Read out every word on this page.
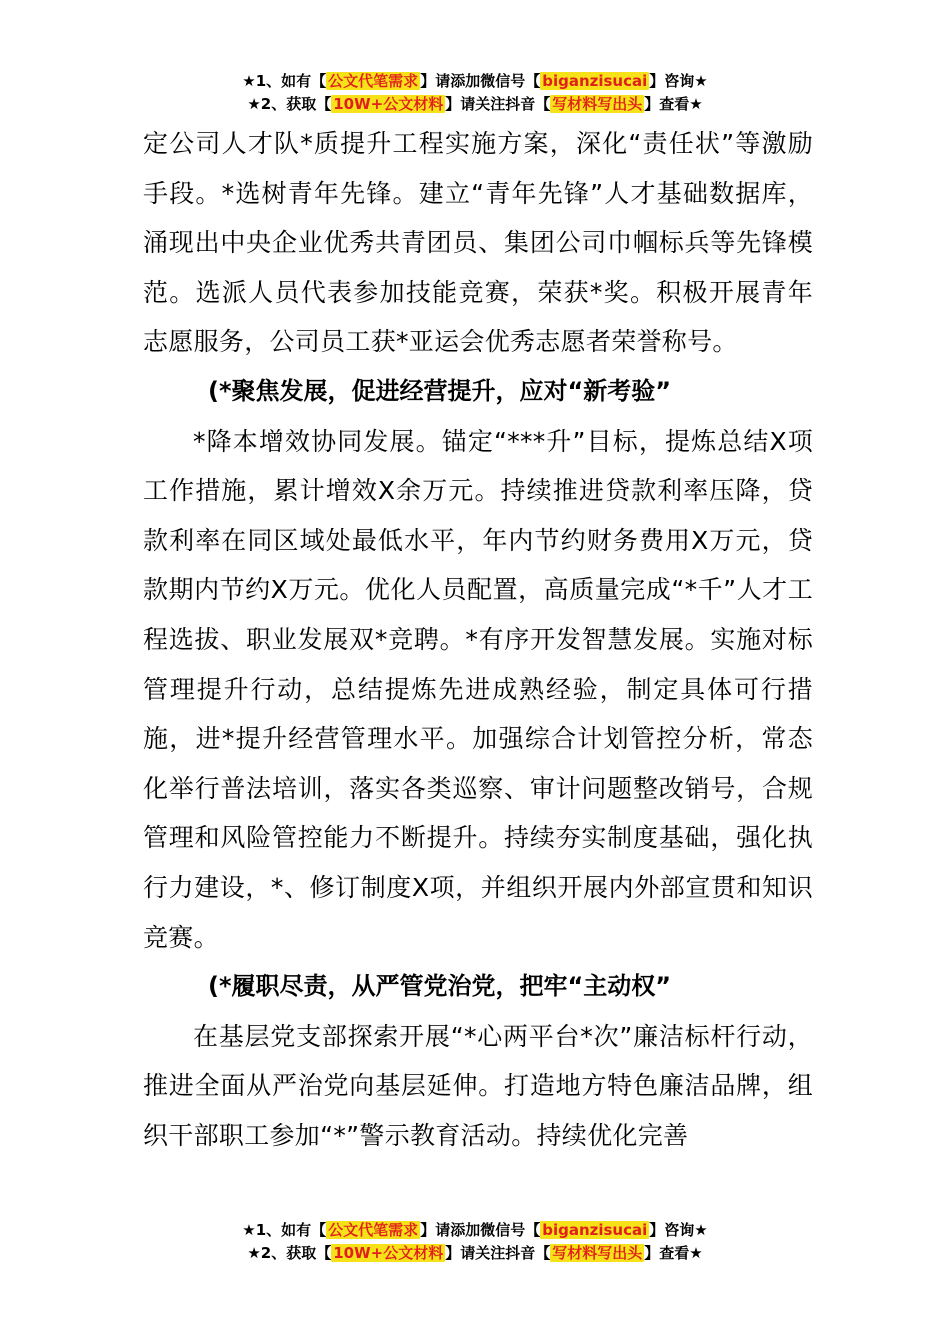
★1、如有【 公文代笔需求 】请添加微信号【 biganzisucai 】咨询★
★2、获取【 10W+公文材料 】请关注抖音【 写材料写出头 】查看★

定公司人才队*质提升工程实施方案，深化“责任状”等激励手段。*选树青年先锋。建立“青年先锋”人才基础数据库，涌现出中央企业优秀共青团员、集团公司巾帼标兵等先锋模范。选派人员代表参加技能竞赛，荣获*奖。积极开展青年志愿服务，公司员工获*亚运会优秀志愿者荣誉称号。

(*聚焦发展，促进经营提升，应对“新考验”

*降本增效协同发展。锚定“***升”目标，提炼总结X项工作措施，累计增效X余万元。持续推进贷款利率压降，贷款利率在同区域处最低水平，年内节约财务费用X万元，贷款期内节约X万元。优化人员配置，高质量完成“*千”人才工程选拔、职业发展双*竞聘。*有序开发智慧发展。实施对标管理提升行动，总结提炼先进成熟经验，制定具体可行措施，进*提升经营管理水平。加强综合计划管控分析，常态化举行普法培训，落实各类巡察、审计问题整改销号，合规管理和风险管控能力不断提升。持续夯实制度基础，强化执行力建设，*、修订制度X项，并组织开展内外部宣贯和知识竞赛。

(*履职尽责，从严管党治党，把牢“主动权”

在基层党支部探索开展“*心两平台*次”廉洁标杆行动，推进全面从严治党向基层延伸。打造地方特色廉洁品牌，组织干部职工参加“*”警示教育活动。持续优化完善

★1、如有【 公文代笔需求 】请添加微信号【 biganzisucai 】咨询★
★2、获取【 10W+公文材料 】请关注抖音【 写材料写出头 】查看★
